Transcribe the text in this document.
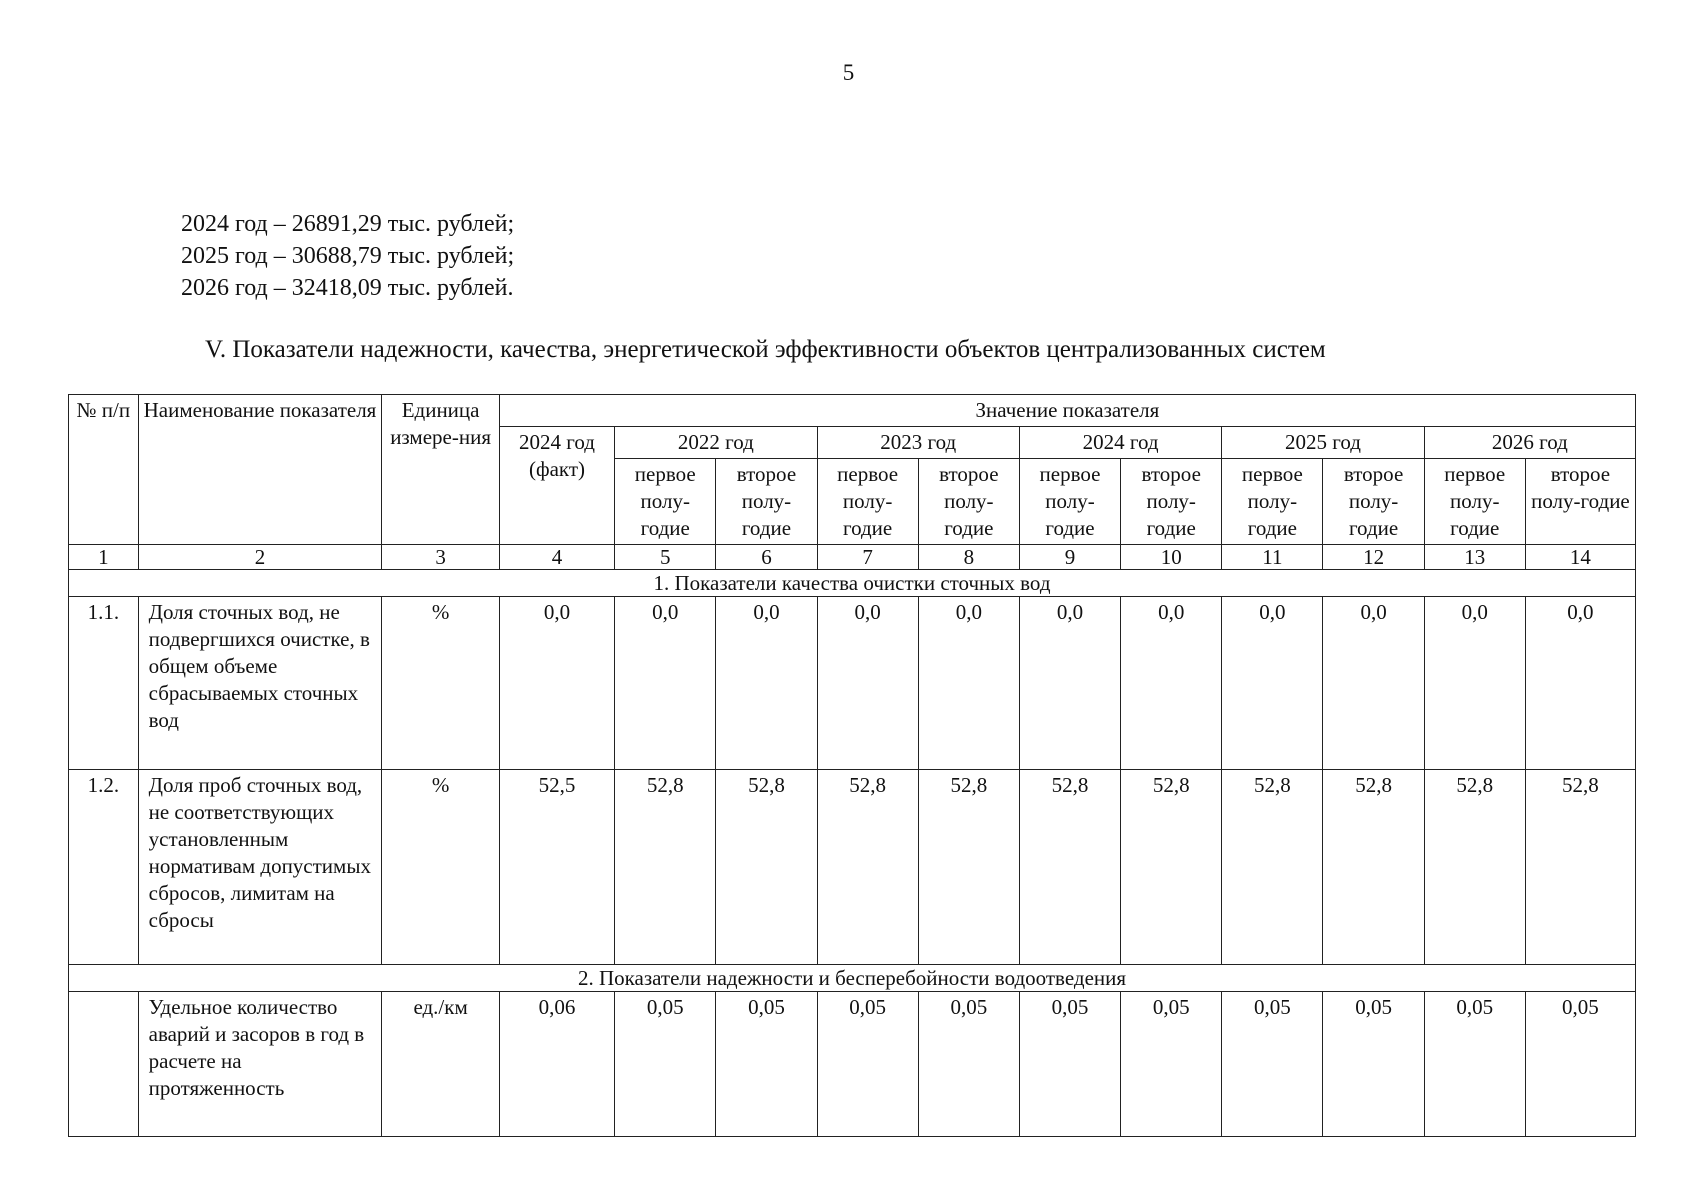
5
2024 год – 26891,29 тыс. рублей;
2025 год – 30688,79 тыс. рублей;
2026 год – 32418,09 тыс. рублей.
V. Показатели надежности, качества, энергетической эффективности объектов централизованных систем
№ п/п	Наименование показателя	Единица измере-ния	Значение показателя										
			2024 год (факт)	2022 год		2023 год		2024 год		2025 год		2026 год	
				первое полу-годие	второе полу-годие	первое полу-годие	второе полу-годие	первое полу-годие	второе полу-годие	первое полу-годие	второе полу-годие	первое полу-годие	второе полу-годие
1	2	3	4	5	6	7	8	9	10	11	12	13	14
1. Показатели качества очистки сточных вод													
1.1.	Доля сточных вод, не подвергшихся очистке, в общем объеме сбрасываемых сточных вод	%	0,0	0,0	0,0	0,0	0,0	0,0	0,0	0,0	0,0	0,0	0,0
1.2.	Доля проб сточных вод, не соответствующих установленным нормативам допустимых сбросов, лимитам на сбросы	%	52,5	52,8	52,8	52,8	52,8	52,8	52,8	52,8	52,8	52,8	52,8
2. Показатели надежности и бесперебойности водоотведения													
	Удельное количество аварий и засоров в год в расчете на протяженность	ед./км	0,06	0,05	0,05	0,05	0,05	0,05	0,05	0,05	0,05	0,05	0,05
